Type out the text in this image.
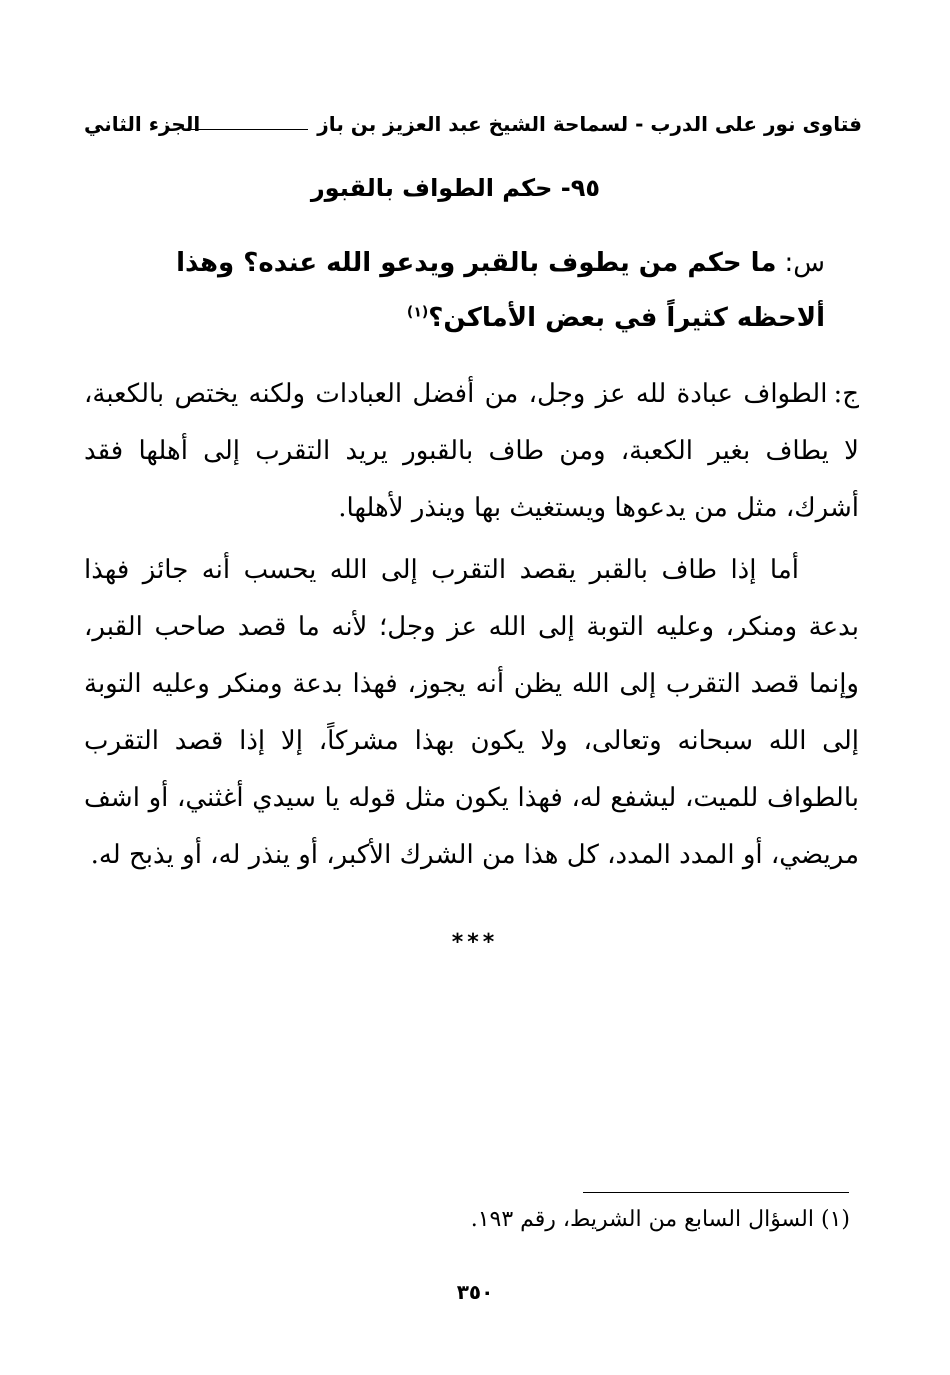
فتاوى نور على الدرب - لسماحة الشيخ عبد العزيز بن باز
الجزء الثاني
٩٥- حكم الطواف بالقبور
س:ما حكم من يطوف بالقبر ويدعو الله عنده؟ وهذا ألاحظه كثيراً في بعض الأماكن؟$^{(١)}$
ج:الطواف عبادة لله عز وجل، من أفضل العبادات ولكنه يختص بالكعبة، لا يطاف بغير الكعبة، ومن طاف بالقبور يريد التقرب إلى أهلها فقد أشرك، مثل من يدعوها ويستغيث بها وينذر لأهلها.
أما إذا طاف بالقبر يقصد التقرب إلى الله يحسب أنه جائز فهذا بدعة ومنكر، وعليه التوبة إلى الله عز وجل؛ لأنه ما قصد صاحب القبر، وإنما قصد التقرب إلى الله يظن أنه يجوز، فهذا بدعة ومنكر وعليه التوبة إلى الله سبحانه وتعالى، ولا يكون بهذا مشركاً، إلا إذا قصد التقرب بالطواف للميت، ليشفع له، فهذا يكون مثل قوله يا سيدي أغثني، أو اشف مريضي، أو المدد المدد، كل هذا من الشرك الأكبر، أو ينذر له، أو يذبح له.
***
(١) السؤال السابع من الشريط، رقم ١٩٣.
٣٥٠
